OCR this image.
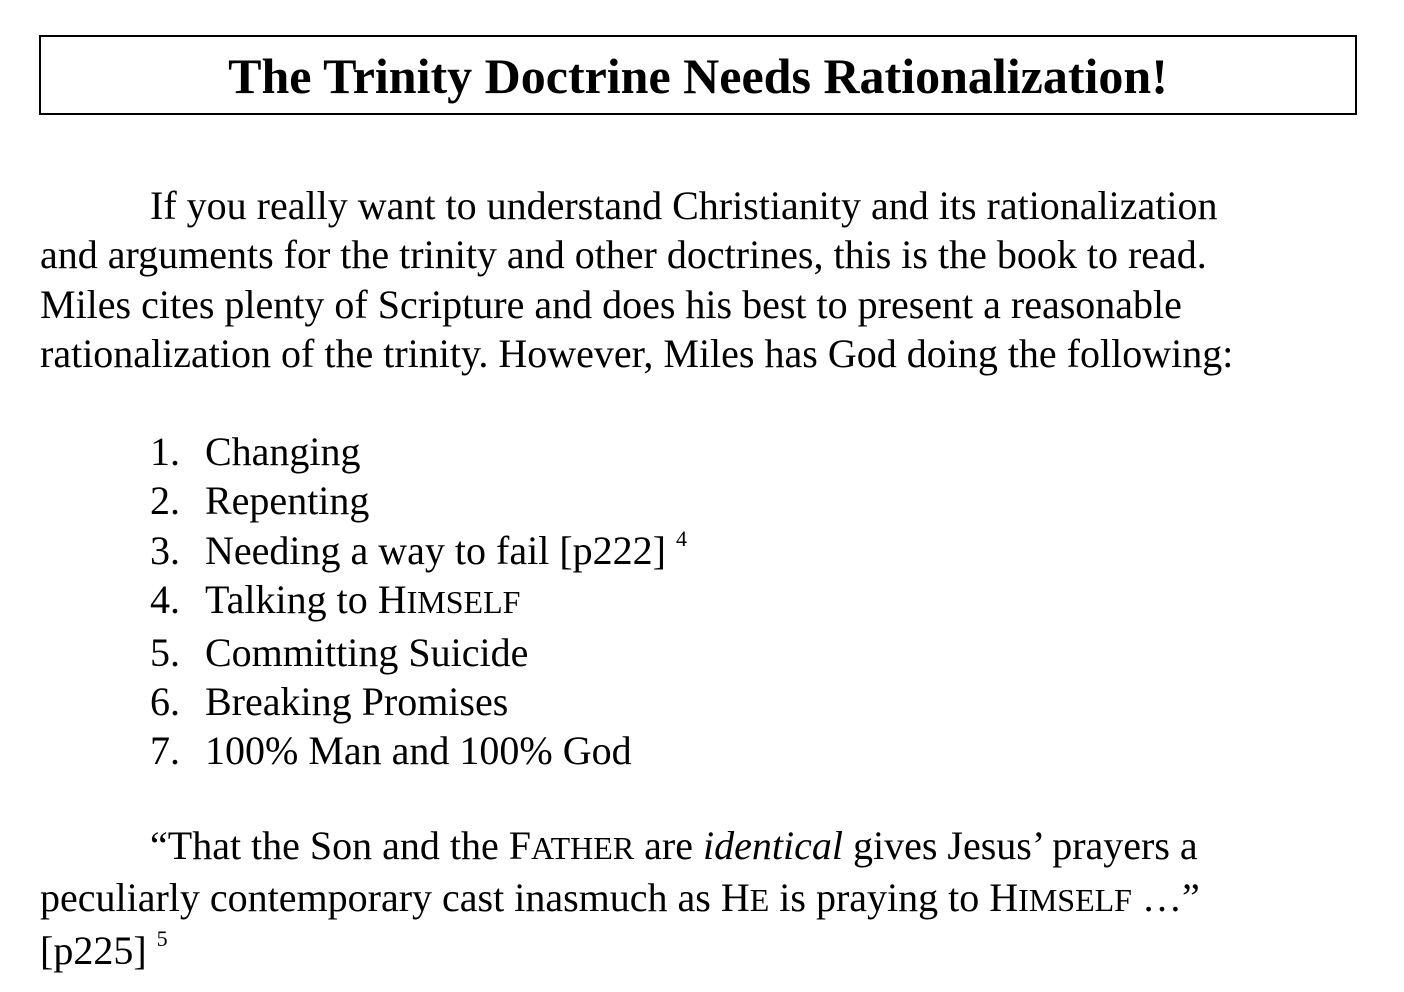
The Trinity Doctrine Needs Rationalization!
If you really want to understand Christianity and its rationalization
and arguments for the trinity and other doctrines, this is the book to read.
Miles cites plenty of Scripture and does his best to present a reasonable
rationalization of the trinity. However, Miles has God doing the following:
1. Changing
2. Repenting
3. Needing a way to fail [p222] $^4$
4. Talking to HIMSELF
5. Committing Suicide
6. Breaking Promises
7. 100% Man and 100% God
“That the Son and the FATHER are identical gives Jesus’ prayers a
peculiarly contemporary cast inasmuch as HE is praying to HIMSELF …”
[p225] $^5$
